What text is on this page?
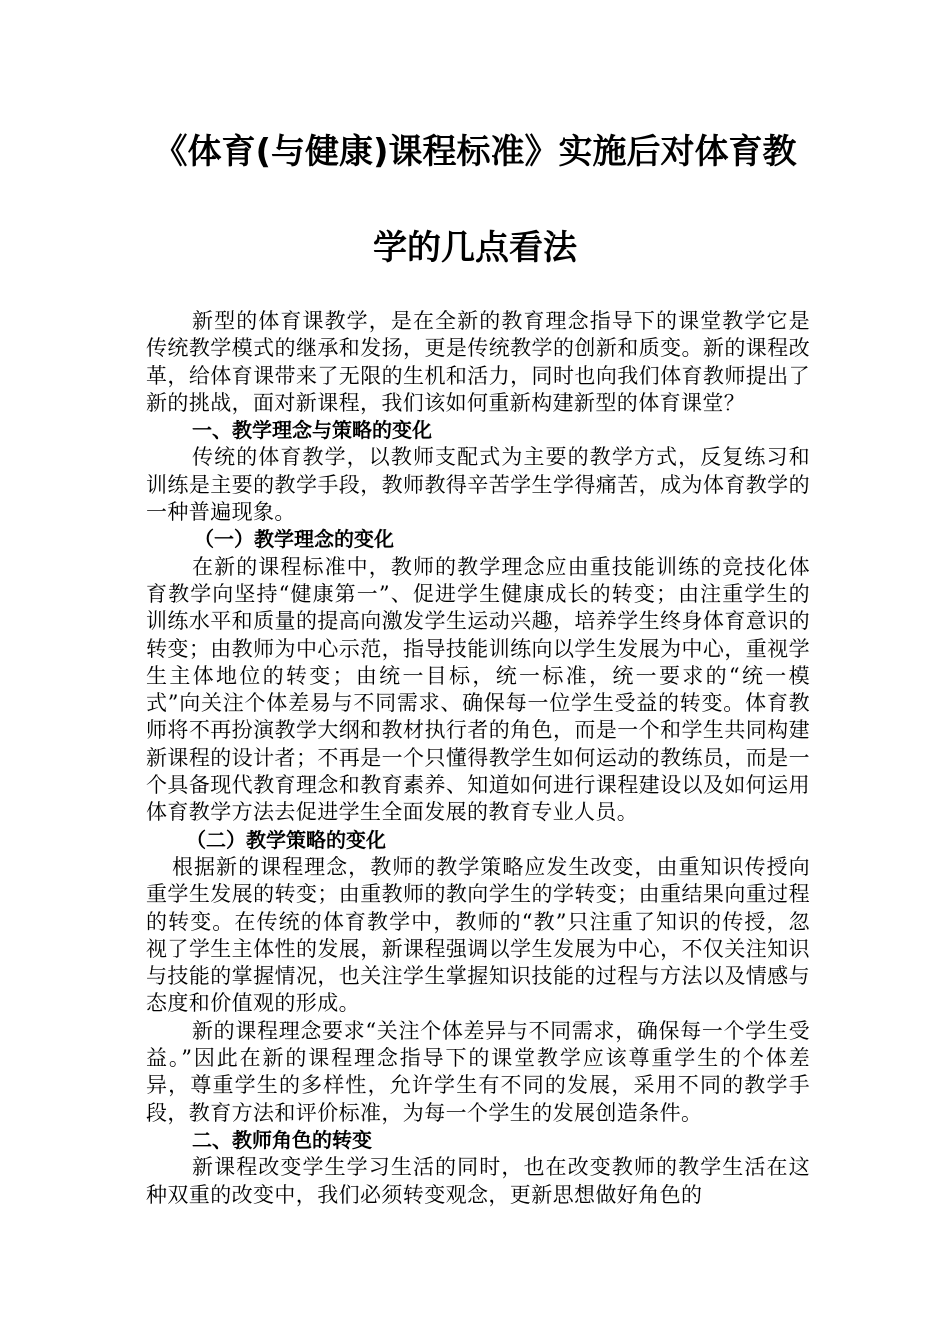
《体育(与健康)课程标准》实施后对体育教
学的几点看法

新型的体育课教学，是在全新的教育理念指导下的课堂教学它是传统教学模式的继承和发扬，更是传统教学的创新和质变。新的课程改革，给体育课带来了无限的生机和活力，同时也向我们体育教师提出了新的挑战，面对新课程，我们该如何重新构建新型的体育课堂？

一、教学理念与策略的变化

传统的体育教学，以教师支配式为主要的教学方式，反复练习和训练是主要的教学手段，教师教得辛苦学生学得痛苦，成为体育教学的一种普遍现象。

（一）教学理念的变化

在新的课程标准中，教师的教学理念应由重技能训练的竞技化体育教学向坚持“健康第一”、促进学生健康成长的转变；由注重学生的训练水平和质量的提高向激发学生运动兴趣，培养学生终身体育意识的转变；由教师为中心示范，指导技能训练向以学生发展为中心，重视学生主体地位的转变；由统一目标，统一标准，统一要求的“统一模式”向关注个体差易与不同需求、确保每一位学生受益的转变。体育教师将不再扮演教学大纲和教材执行者的角色，而是一个和学生共同构建新课程的设计者；不再是一个只懂得教学生如何运动的教练员，而是一个具备现代教育理念和教育素养、知道如何进行课程建设以及如何运用体育教学方法去促进学生全面发展的教育专业人员。

（二）教学策略的变化

根据新的课程理念，教师的教学策略应发生改变，由重知识传授向重学生发展的转变；由重教师的教向学生的学转变；由重结果向重过程的转变。在传统的体育教学中，教师的“教”只注重了知识的传授，忽视了学生主体性的发展，新课程强调以学生发展为中心，不仅关注知识与技能的掌握情况，也关注学生掌握知识技能的过程与方法以及情感与态度和价值观的形成。

新的课程理念要求“关注个体差异与不同需求，确保每一个学生受益。”因此在新的课程理念指导下的课堂教学应该尊重学生的个体差异，尊重学生的多样性，允许学生有不同的发展，采用不同的教学手段，教育方法和评价标准，为每一个学生的发展创造条件。

二、教师角色的转变

新课程改变学生学习生活的同时，也在改变教师的教学生活在这种双重的改变中，我们必须转变观念，更新思想做好角色的
